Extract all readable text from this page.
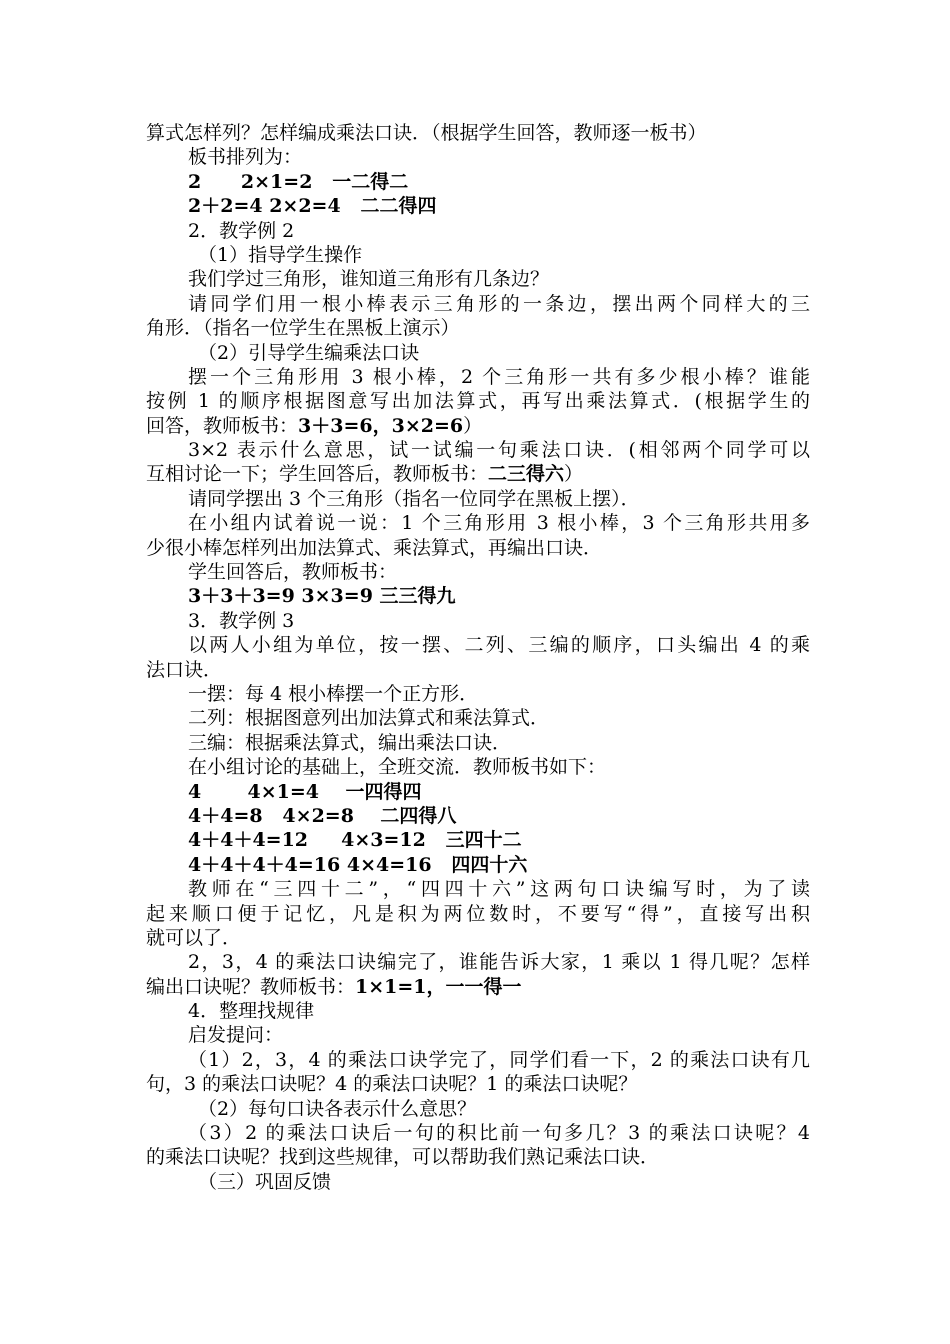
算式怎样列？怎样编成乘法口诀．（根据学生回答，教师逐一板书）
板书排列为：
2      2×1=2   一二得二
2＋2=4 2×2=4   二二得四
2．教学例 2
（1）指导学生操作
我们学过三角形，谁知道三角形有几条边？
请同学们用一根小棒表示三角形的一条边，摆出两个同样大的三
角形．（指名一位学生在黑板上演示）
（2）引导学生编乘法口诀
摆一个三角形用 3 根小棒，2 个三角形一共有多少根小棒？谁能
按例 1 的顺序根据图意写出加法算式，再写出乘法算式．(根据学生的
回答，教师板书：3＋3=6，3×2=6）
3×2 表示什么意思，试一试编一句乘法口诀．(相邻两个同学可以
互相讨论一下；学生回答后，教师板书：二三得六）
请同学摆出 3 个三角形（指名一位同学在黑板上摆）．
在小组内试着说一说：1 个三角形用 3 根小棒，3 个三角形共用多
少很小棒怎样列出加法算式、乘法算式，再编出口诀．
学生回答后，教师板书：
3＋3＋3=9 3×3=9 三三得九
3．教学例 3
以两人小组为单位，按一摆、二列、三编的顺序，口头编出 4 的乘
法口诀．
一摆：每 4 根小棒摆一个正方形．
二列：根据图意列出加法算式和乘法算式．
三编：根据乘法算式，编出乘法口诀．
在小组讨论的基础上，全班交流．教师板书如下：
4       4×1=4    一四得四
4＋4=8   4×2=8    二四得八
4＋4＋4=12     4×3=12   三四十二
4＋4＋4＋4=16 4×4=16   四四十六
教师在“三四十二”，“四四十六”这两句口诀编写时，为了读
起来顺口便于记忆，凡是积为两位数时，不要写“得”，直接写出积
就可以了．
2，3，4 的乘法口诀编完了，谁能告诉大家，1 乘以 1 得几呢？怎样
编出口诀呢？教师板书：1×1=1，一一得一
4．整理找规律
启发提问：
（1）2，3，4 的乘法口诀学完了，同学们看一下，2 的乘法口诀有几
句，3 的乘法口诀呢？4 的乘法口诀呢？1 的乘法口诀呢？
（2）每句口诀各表示什么意思？
（3）2 的乘法口诀后一句的积比前一句多几？3 的乘法口诀呢？4
的乘法口诀呢？找到这些规律，可以帮助我们熟记乘法口诀．
（三）巩固反馈
